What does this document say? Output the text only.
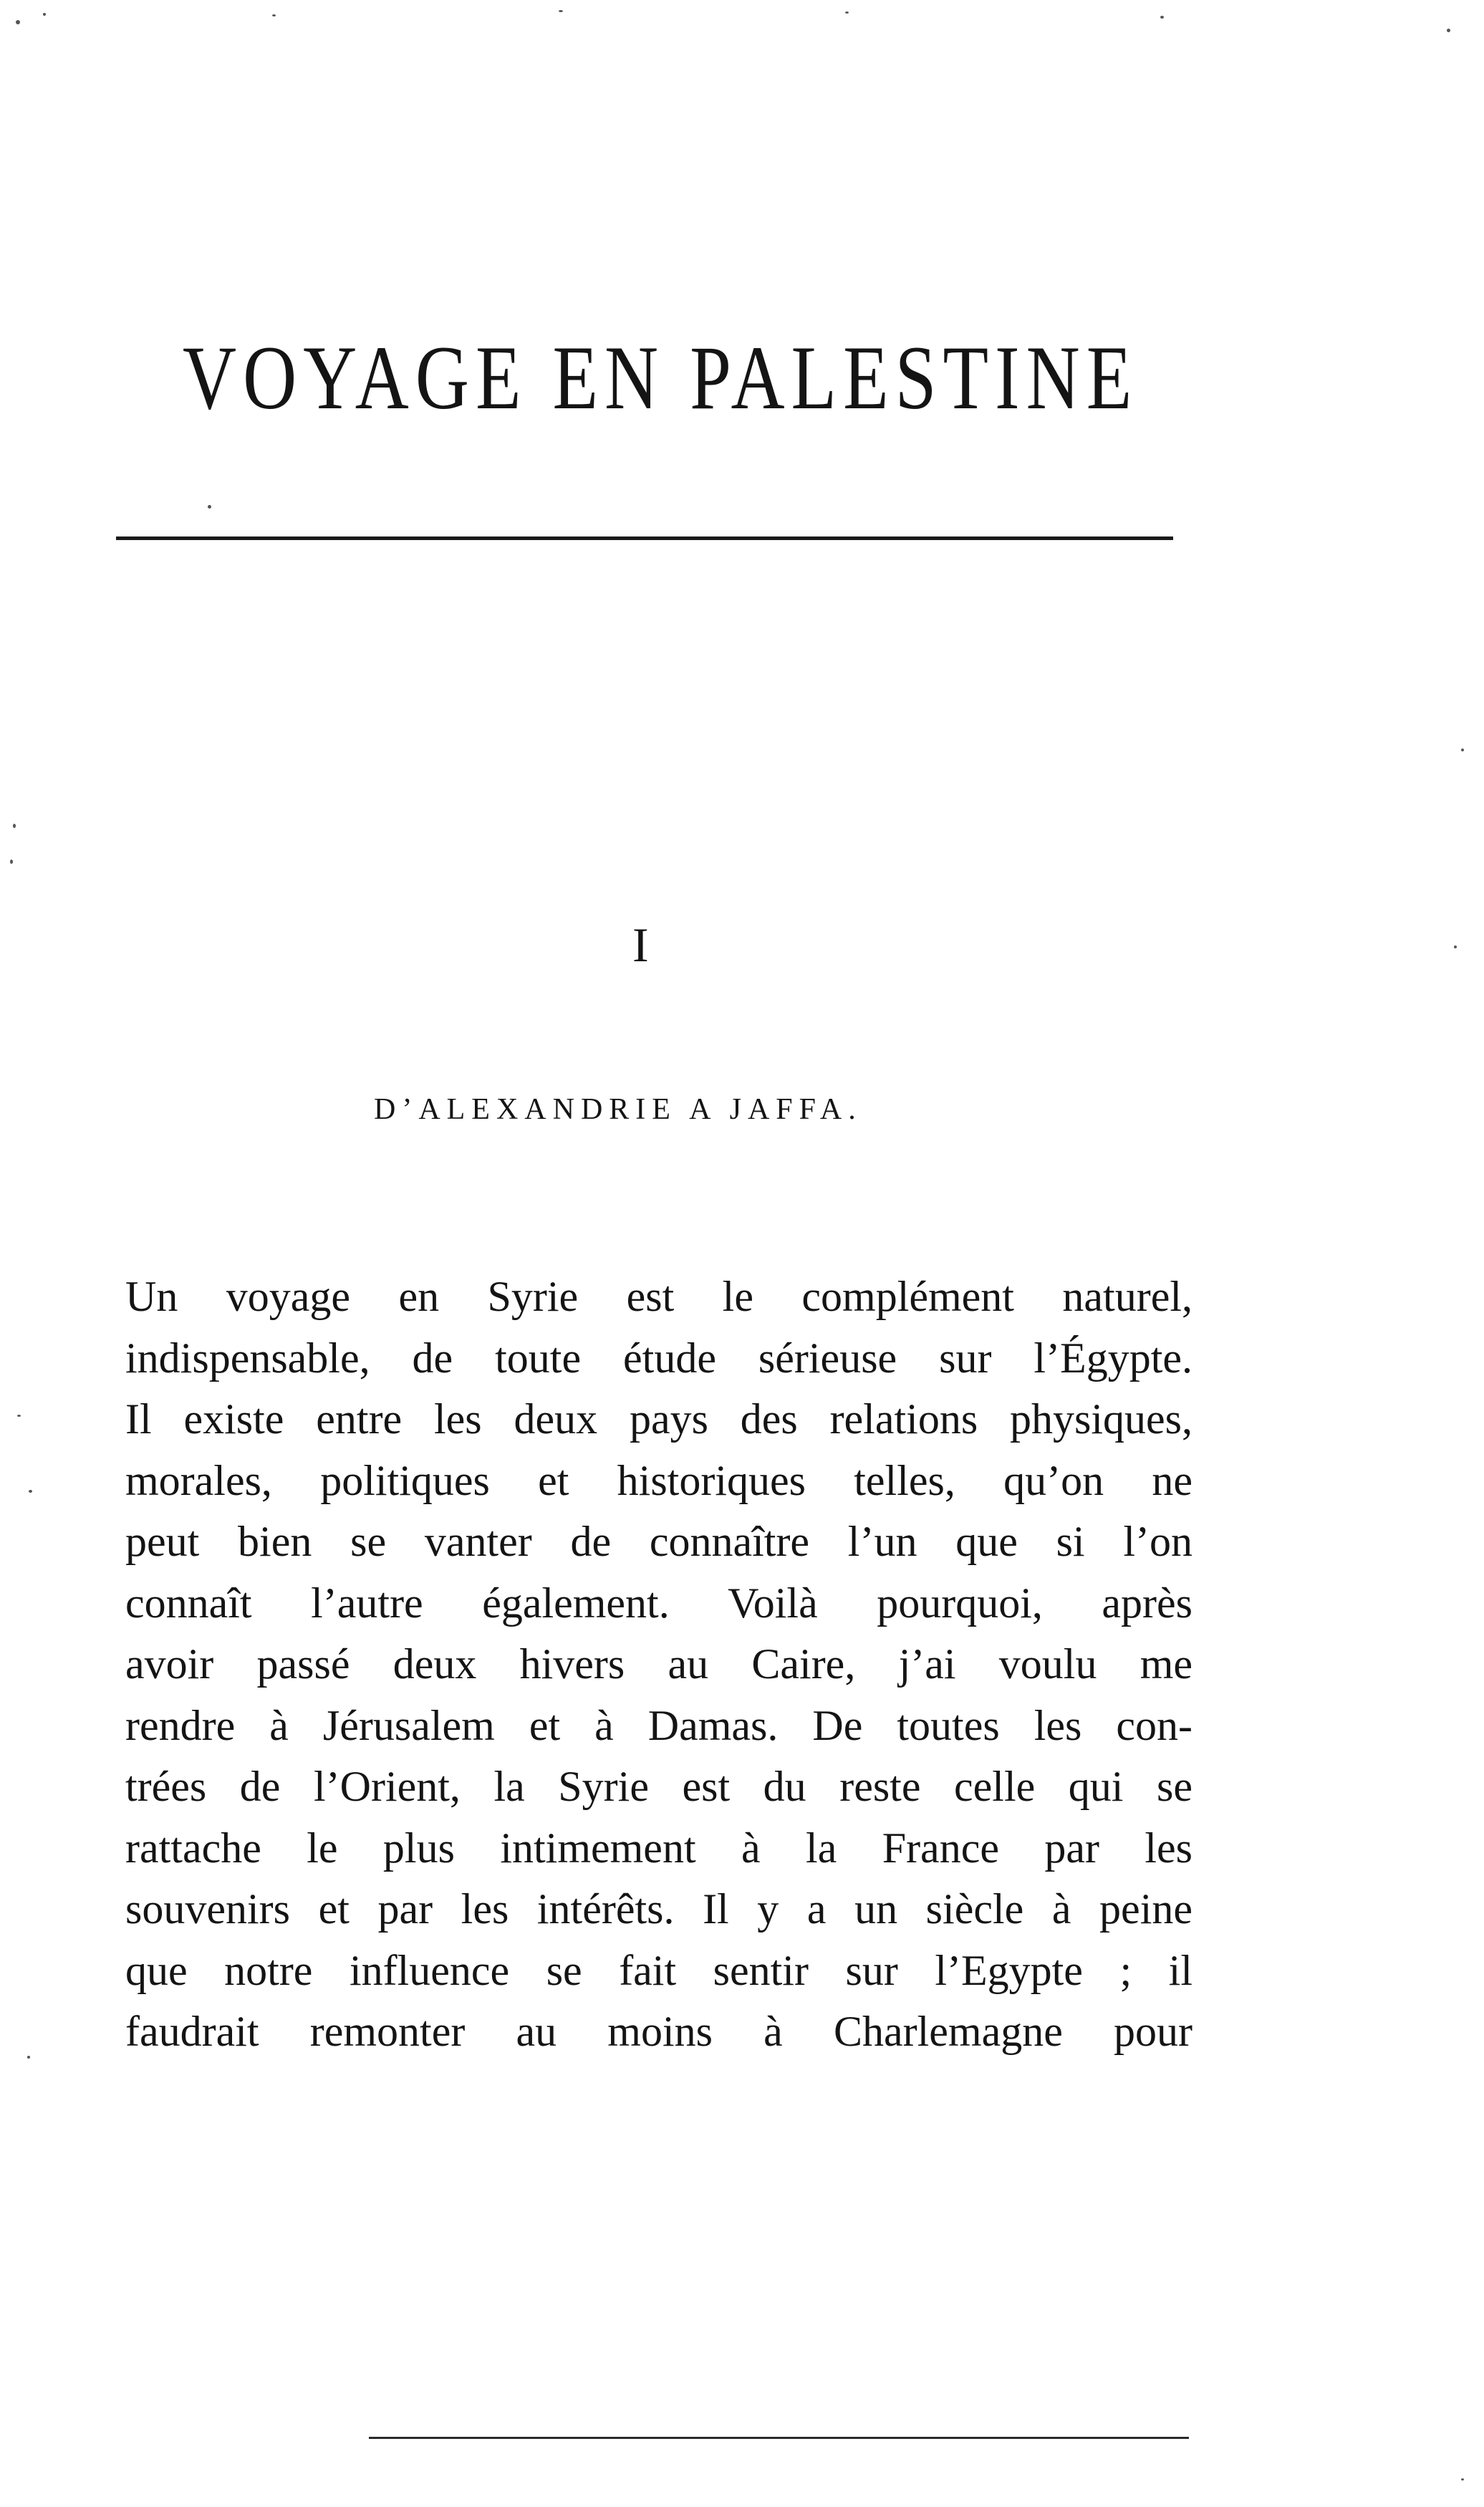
VOYAGE EN PALESTINE
I
D’ALEXANDRIE A JAFFA.
Un voyage en Syrie est le complément naturel,
indispensable, de toute étude sérieuse sur l’Égypte.
Il existe entre les deux pays des relations physiques,
morales, politiques et historiques telles, qu’on ne
peut bien se vanter de connaître l’un que si l’on
connaît l’autre également. Voilà pourquoi, après
avoir passé deux hivers au Caire, j’ai voulu me
rendre à Jérusalem et à Damas. De toutes les con-
trées de l’Orient, la Syrie est du reste celle qui se
rattache le plus intimement à la France par les
souvenirs et par les intérêts. Il y a un siècle à peine
que notre influence se fait sentir sur l’Egypte ; il
faudrait remonter au moins à Charlemagne pour
